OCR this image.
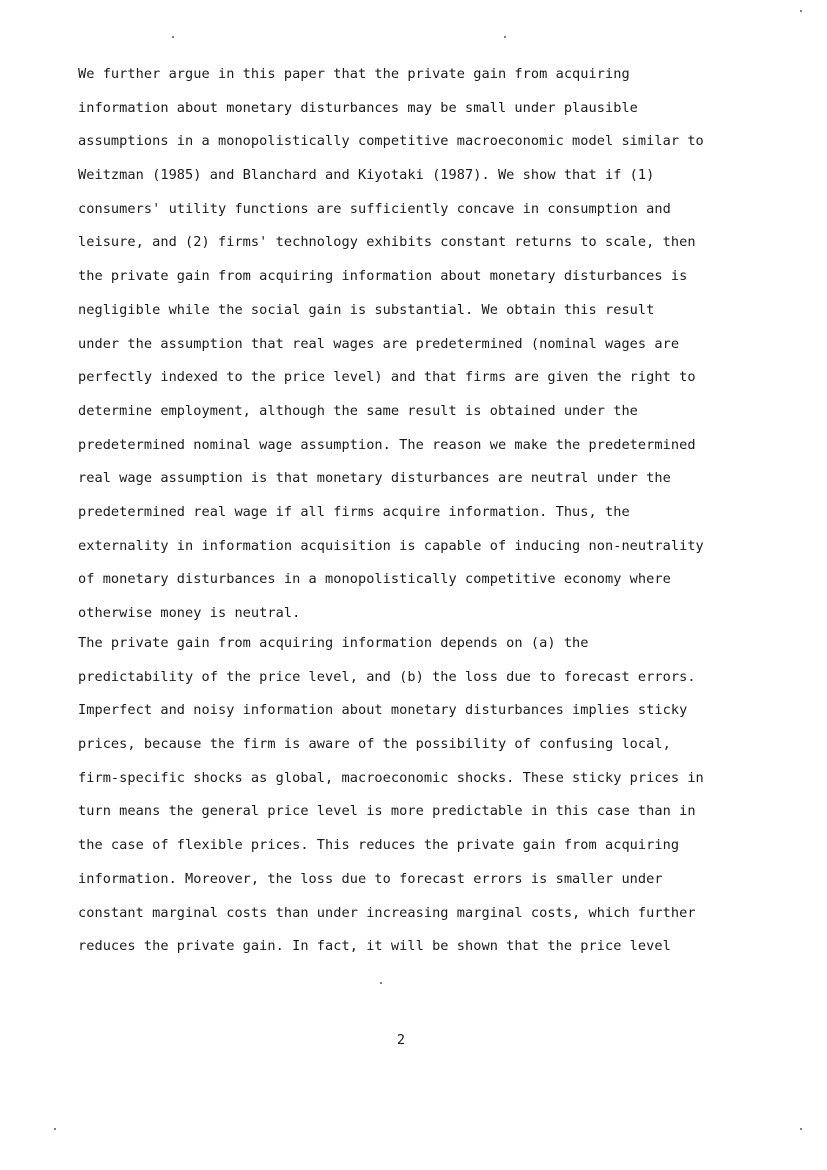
We further argue in this paper that the private gain from acquiring
information about monetary disturbances may be small under plausible
assumptions in a monopolistically competitive macroeconomic model similar to
Weitzman (1985) and Blanchard and Kiyotaki (1987). We show that if (1)
consumers' utility functions are sufficiently concave in consumption and
leisure, and (2) firms' technology exhibits constant returns to scale, then
the private gain from acquiring information about monetary disturbances is
negligible while the social gain is substantial. We obtain this result
under the assumption that real wages are predetermined (nominal wages are
perfectly indexed to the price level) and that firms are given the right to
determine employment, although the same result is obtained under the
predetermined nominal wage assumption. The reason we make the predetermined
real wage assumption is that monetary disturbances are neutral under the
predetermined real wage if all firms acquire information. Thus, the
externality in information acquisition is capable of inducing non-neutrality
of monetary disturbances in a monopolistically competitive economy where
otherwise money is neutral.
The private gain from acquiring information depends on (a) the
predictability of the price level, and (b) the loss due to forecast errors.
Imperfect and noisy information about monetary disturbances implies sticky
prices, because the firm is aware of the possibility of confusing local,
firm-specific shocks as global, macroeconomic shocks. These sticky prices in
turn means the general price level is more predictable in this case than in
the case of flexible prices. This reduces the private gain from acquiring
information. Moreover, the loss due to forecast errors is smaller under
constant marginal costs than under increasing marginal costs, which further
reduces the private gain. In fact, it will be shown that the price level
2
